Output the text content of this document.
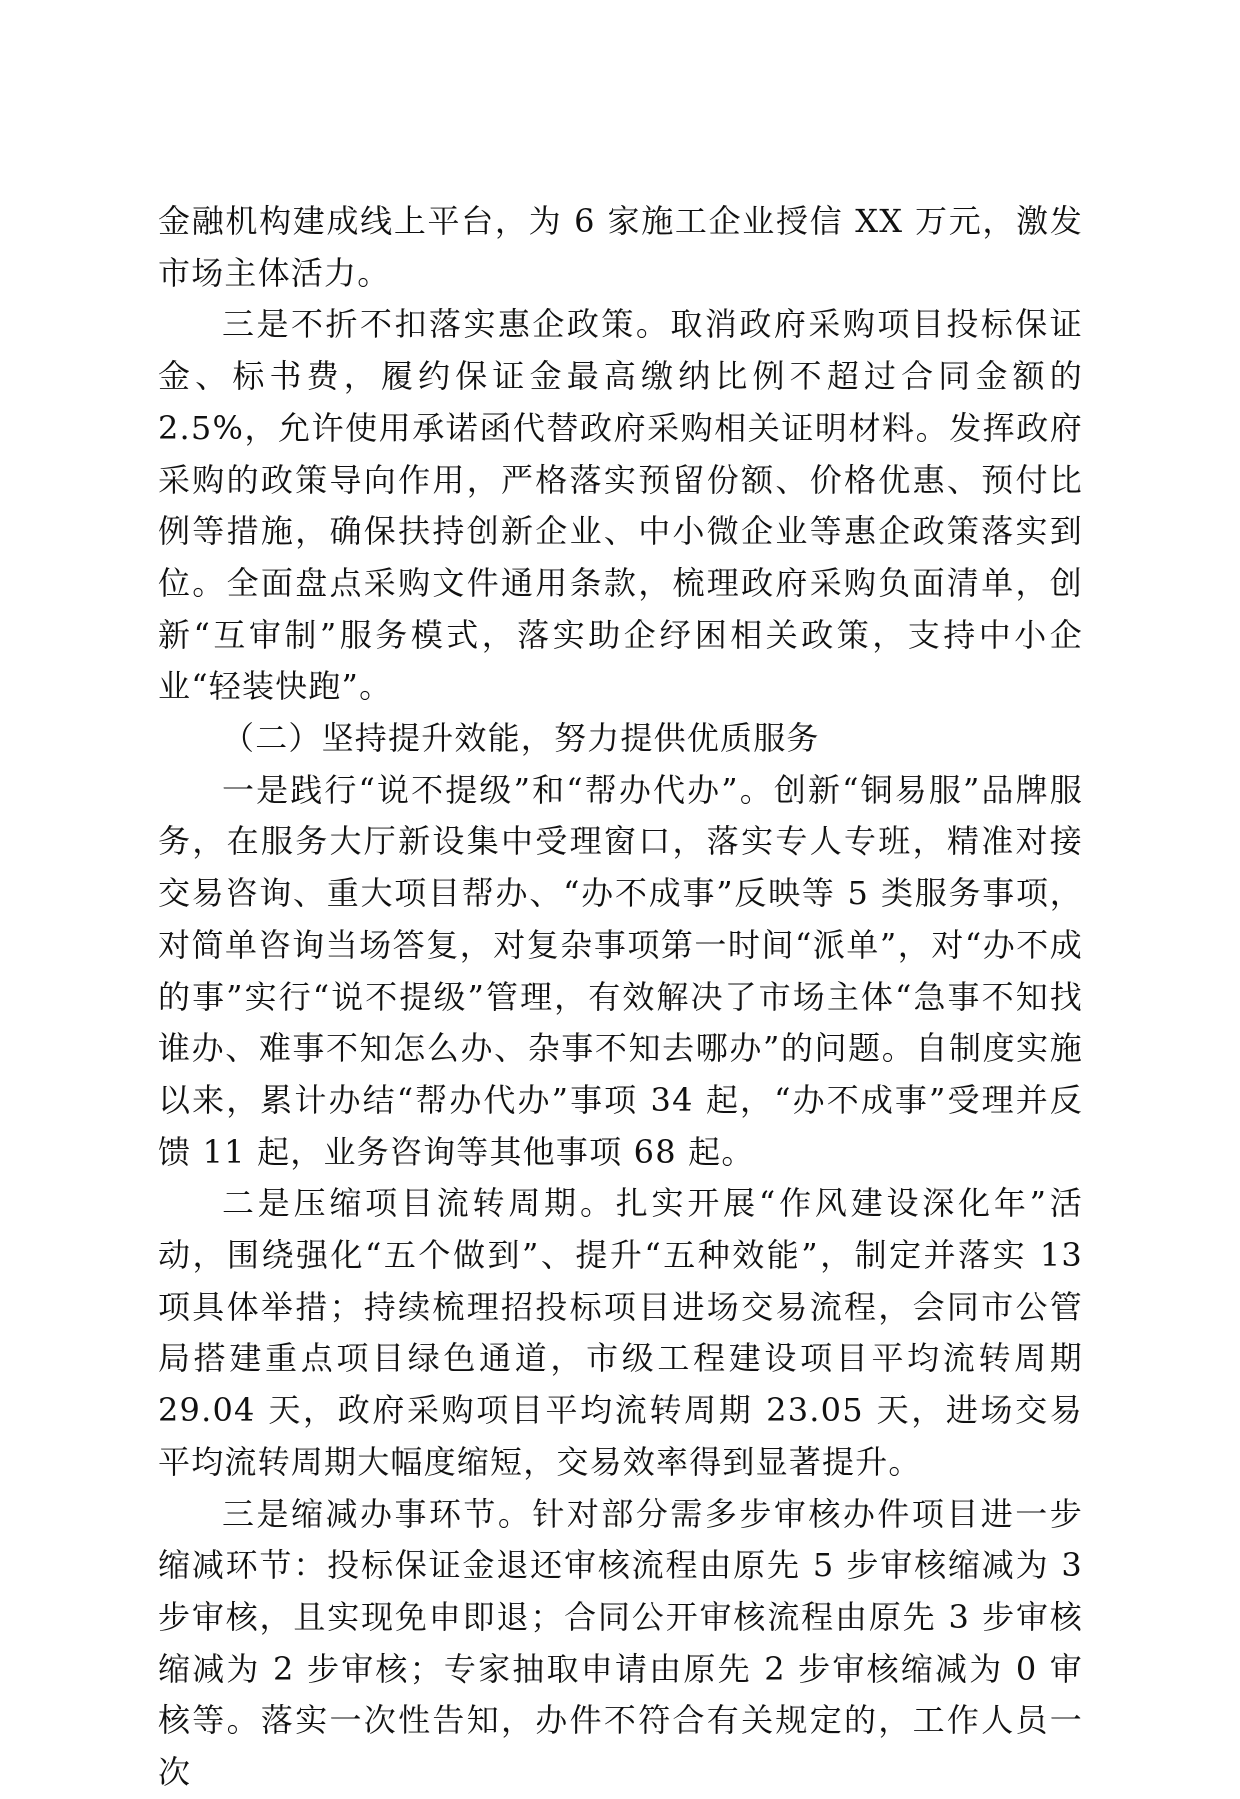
金融机构建成线上平台，为 6 家施工企业授信 XX 万元，激发市场主体活力。

三是不折不扣落实惠企政策。取消政府采购项目投标保证金、标书费，履约保证金最高缴纳比例不超过合同金额的 2.5%，允许使用承诺函代替政府采购相关证明材料。发挥政府采购的政策导向作用，严格落实预留份额、价格优惠、预付比例等措施，确保扶持创新企业、中小微企业等惠企政策落实到位。全面盘点采购文件通用条款，梳理政府采购负面清单，创新“互审制”服务模式，落实助企纾困相关政策，支持中小企业“轻装快跑”。

（二）坚持提升效能，努力提供优质服务

一是践行“说不提级”和“帮办代办”。创新“铜易服”品牌服务，在服务大厅新设集中受理窗口，落实专人专班，精准对接交易咨询、重大项目帮办、“办不成事”反映等 5 类服务事项，对简单咨询当场答复，对复杂事项第一时间“派单”，对“办不成的事”实行“说不提级”管理，有效解决了市场主体“急事不知找谁办、难事不知怎么办、杂事不知去哪办”的问题。自制度实施以来，累计办结“帮办代办”事项 34 起，“办不成事”受理并反馈 11 起，业务咨询等其他事项 68 起。

二是压缩项目流转周期。扎实开展“作风建设深化年”活动，围绕强化“五个做到”、提升“五种效能”，制定并落实 13 项具体举措；持续梳理招投标项目进场交易流程，会同市公管局搭建重点项目绿色通道，市级工程建设项目平均流转周期 29.04 天，政府采购项目平均流转周期 23.05 天，进场交易平均流转周期大幅度缩短，交易效率得到显著提升。

三是缩减办事环节。针对部分需多步审核办件项目进一步缩减环节：投标保证金退还审核流程由原先 5 步审核缩减为 3 步审核，且实现免申即退；合同公开审核流程由原先 3 步审核缩减为 2 步审核；专家抽取申请由原先 2 步审核缩减为 0 审核等。落实一次性告知，办件不符合有关规定的，工作人员一次
